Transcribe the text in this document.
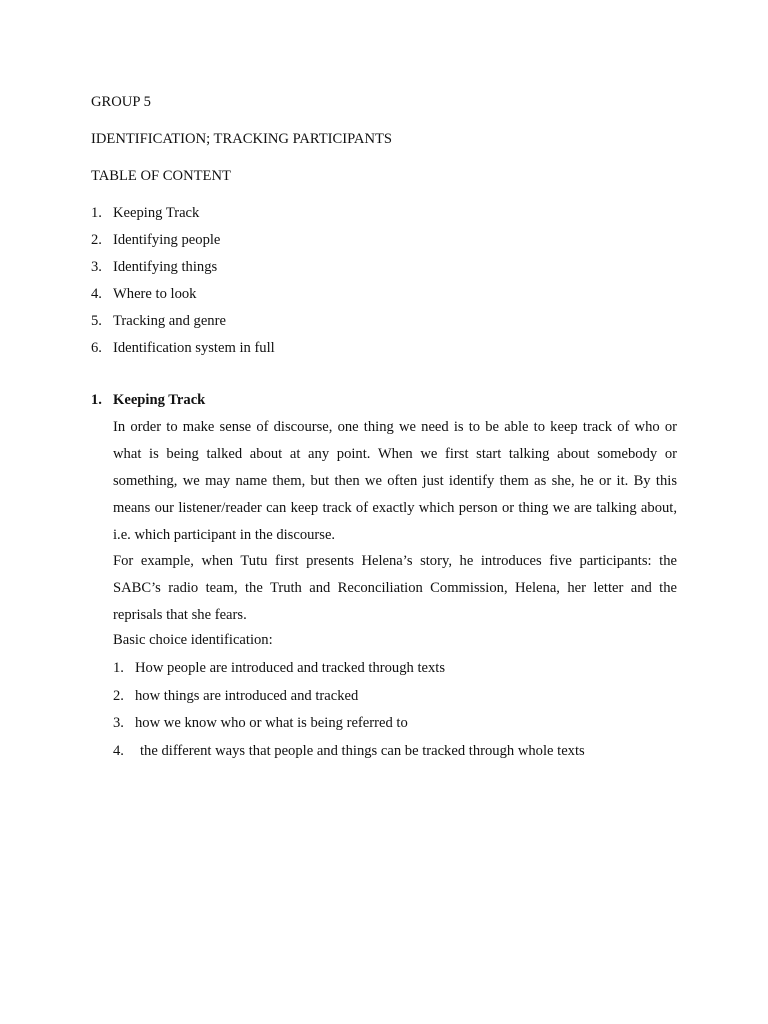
GROUP 5
IDENTIFICATION; TRACKING PARTICIPANTS
TABLE OF CONTENT
1. Keeping Track
2. Identifying people
3. Identifying things
4. Where to look
5. Tracking and genre
6. Identification system in full
1. Keeping Track

In order to make sense of discourse, one thing we need is to be able to keep track of who or what is being talked about at any point. When we first start talking about somebody or something, we may name them, but then we often just identify them as she, he or it. By this means our listener/reader can keep track of exactly which person or thing we are talking about, i.e. which participant in the discourse.

For example, when Tutu first presents Helena’s story, he introduces five participants: the SABC’s radio team, the Truth and Reconciliation Commission, Helena, her letter and the reprisals that she fears.

Basic choice identification:
1. How people are introduced and tracked through texts
2. how things are introduced and tracked
3. how we know who or what is being referred to
4. the different ways that people and things can be tracked through whole texts
